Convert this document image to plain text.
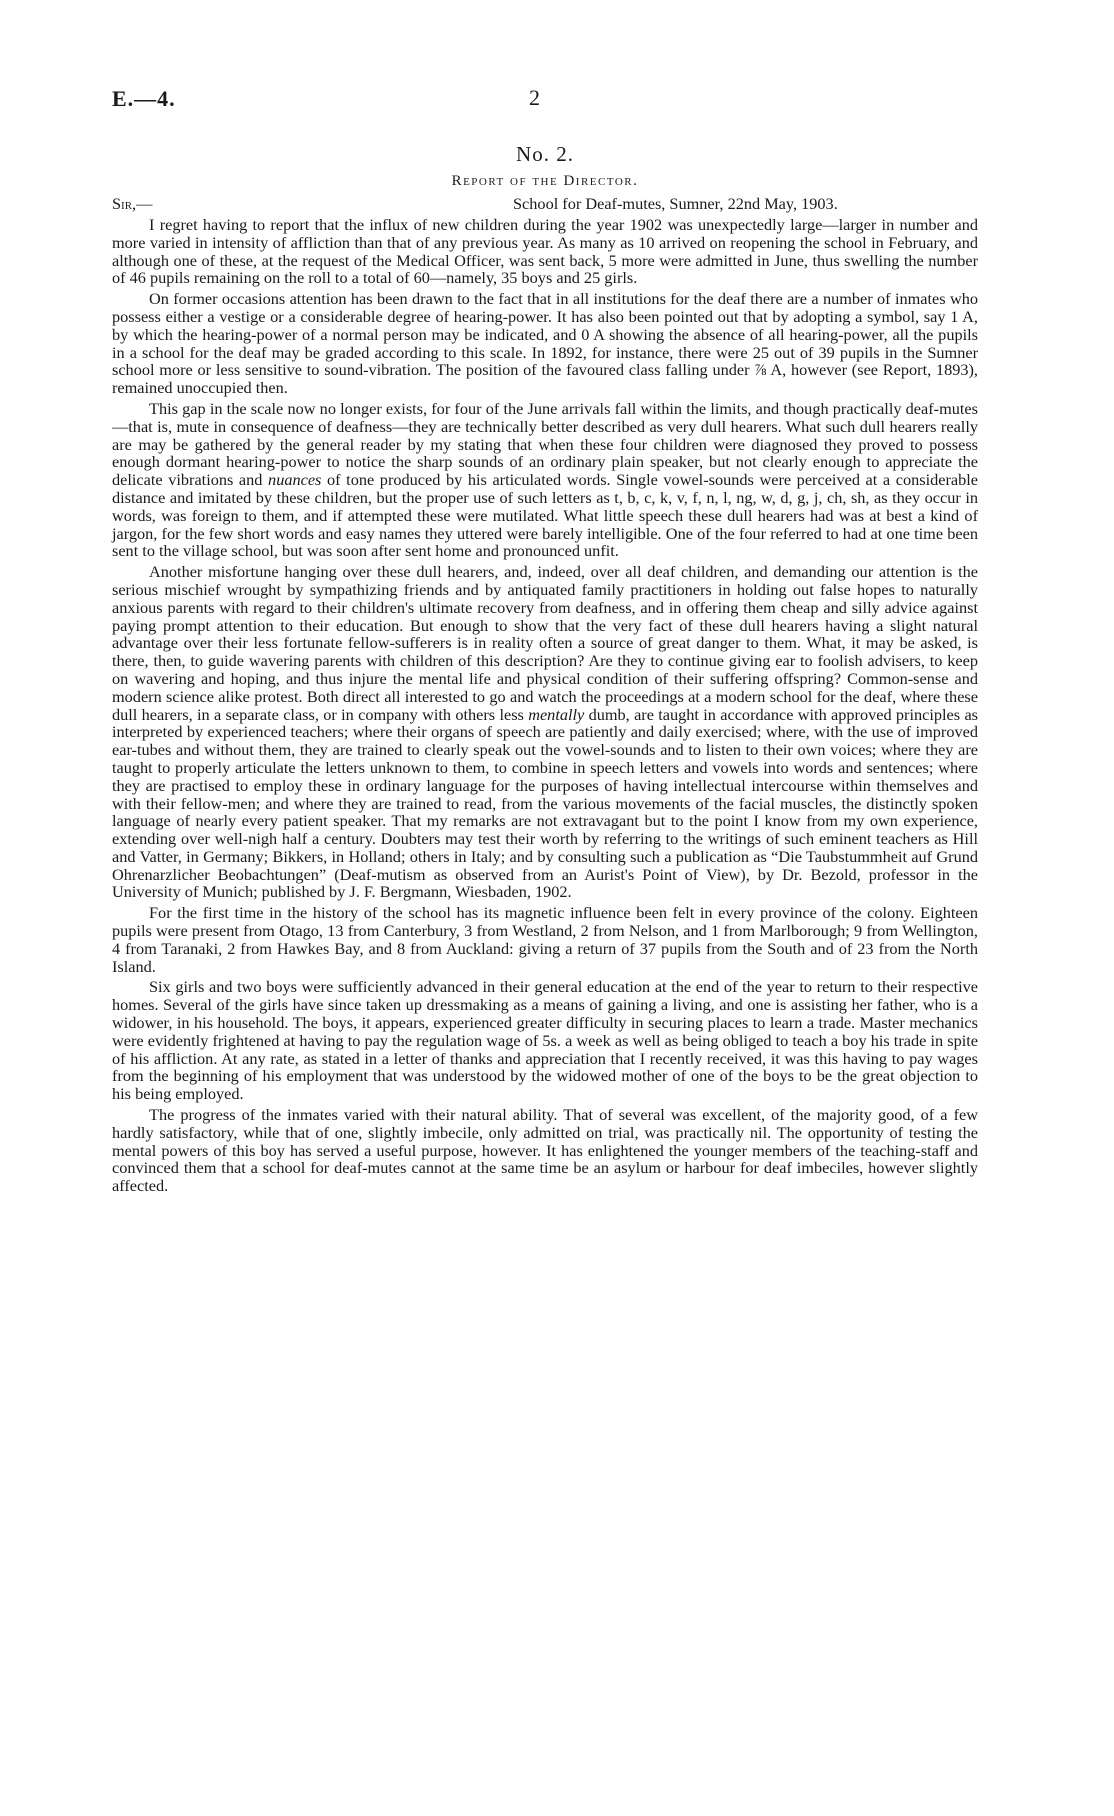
E.—4.	2
No. 2.
Report of the Director.
Sir,—	School for Deaf-mutes, Sumner, 22nd May, 1903.

I regret having to report that the influx of new children during the year 1902 was unexpectedly large—larger in number and more varied in intensity of affliction than that of any previous year. As many as 10 arrived on reopening the school in February, and although one of these, at the request of the Medical Officer, was sent back, 5 more were admitted in June, thus swelling the number of 46 pupils remaining on the roll to a total of 60—namely, 35 boys and 25 girls.

On former occasions attention has been drawn to the fact that in all institutions for the deaf there are a number of inmates who possess either a vestige or a considerable degree of hearing-power. It has also been pointed out that by adopting a symbol, say 1 A, by which the hearing-power of a normal person may be indicated, and 0 A showing the absence of all hearing-power, all the pupils in a school for the deaf may be graded according to this scale. In 1892, for instance, there were 25 out of 39 pupils in the Sumner school more or less sensitive to sound-vibration. The position of the favoured class falling under ⅞ A, however (see Report, 1893), remained unoccupied then.

This gap in the scale now no longer exists, for four of the June arrivals fall within the limits, and though practically deaf-mutes—that is, mute in consequence of deafness—they are technically better described as very dull hearers. What such dull hearers really are may be gathered by the general reader by my stating that when these four children were diagnosed they proved to possess enough dormant hearing-power to notice the sharp sounds of an ordinary plain speaker, but not clearly enough to appreciate the delicate vibrations and nuances of tone produced by his articulated words. Single vowel-sounds were perceived at a considerable distance and imitated by these children, but the proper use of such letters as t, b, c, k, v, f, n, l, ng, w, d, g, j, ch, sh, as they occur in words, was foreign to them, and if attempted these were mutilated. What little speech these dull hearers had was at best a kind of jargon, for the few short words and easy names they uttered were barely intelligible. One of the four referred to had at one time been sent to the village school, but was soon after sent home and pronounced unfit.

Another misfortune hanging over these dull hearers, and, indeed, over all deaf children, and demanding our attention is the serious mischief wrought by sympathizing friends and by antiquated family practitioners in holding out false hopes to naturally anxious parents with regard to their children's ultimate recovery from deafness, and in offering them cheap and silly advice against paying prompt attention to their education. But enough to show that the very fact of these dull hearers having a slight natural advantage over their less fortunate fellow-sufferers is in reality often a source of great danger to them. What, it may be asked, is there, then, to guide wavering parents with children of this description? Are they to continue giving ear to foolish advisers, to keep on wavering and hoping, and thus injure the mental life and physical condition of their suffering offspring? Common-sense and modern science alike protest. Both direct all interested to go and watch the proceedings at a modern school for the deaf, where these dull hearers, in a separate class, or in company with others less mentally dumb, are taught in accordance with approved principles as interpreted by experienced teachers; where their organs of speech are patiently and daily exercised; where, with the use of improved ear-tubes and without them, they are trained to clearly speak out the vowel-sounds and to listen to their own voices; where they are taught to properly articulate the letters unknown to them, to combine in speech letters and vowels into words and sentences; where they are practised to employ these in ordinary language for the purposes of having intellectual intercourse within themselves and with their fellow-men; and where they are trained to read, from the various movements of the facial muscles, the distinctly spoken language of nearly every patient speaker. That my remarks are not extravagant but to the point I know from my own experience, extending over well-nigh half a century. Doubters may test their worth by referring to the writings of such eminent teachers as Hill and Vatter, in Germany; Bikkers, in Holland; others in Italy; and by consulting such a publication as “Die Taubstummheit auf Grund Ohrenarzlicher Beobachtungen” (Deaf-mutism as observed from an Aurist's Point of View), by Dr. Bezold, professor in the University of Munich; published by J. F. Bergmann, Wiesbaden, 1902.

For the first time in the history of the school has its magnetic influence been felt in every province of the colony. Eighteen pupils were present from Otago, 13 from Canterbury, 3 from Westland, 2 from Nelson, and 1 from Marlborough; 9 from Wellington, 4 from Taranaki, 2 from Hawkes Bay, and 8 from Auckland: giving a return of 37 pupils from the South and of 23 from the North Island.

Six girls and two boys were sufficiently advanced in their general education at the end of the year to return to their respective homes. Several of the girls have since taken up dressmaking as a means of gaining a living, and one is assisting her father, who is a widower, in his household. The boys, it appears, experienced greater difficulty in securing places to learn a trade. Master mechanics were evidently frightened at having to pay the regulation wage of 5s. a week as well as being obliged to teach a boy his trade in spite of his affliction. At any rate, as stated in a letter of thanks and appreciation that I recently received, it was this having to pay wages from the beginning of his employment that was understood by the widowed mother of one of the boys to be the great objection to his being employed.

The progress of the inmates varied with their natural ability. That of several was excellent, of the majority good, of a few hardly satisfactory, while that of one, slightly imbecile, only admitted on trial, was practically nil. The opportunity of testing the mental powers of this boy has served a useful purpose, however. It has enlightened the younger members of the teaching-staff and convinced them that a school for deaf-mutes cannot at the same time be an asylum or harbour for deaf imbeciles, however slightly affected.
